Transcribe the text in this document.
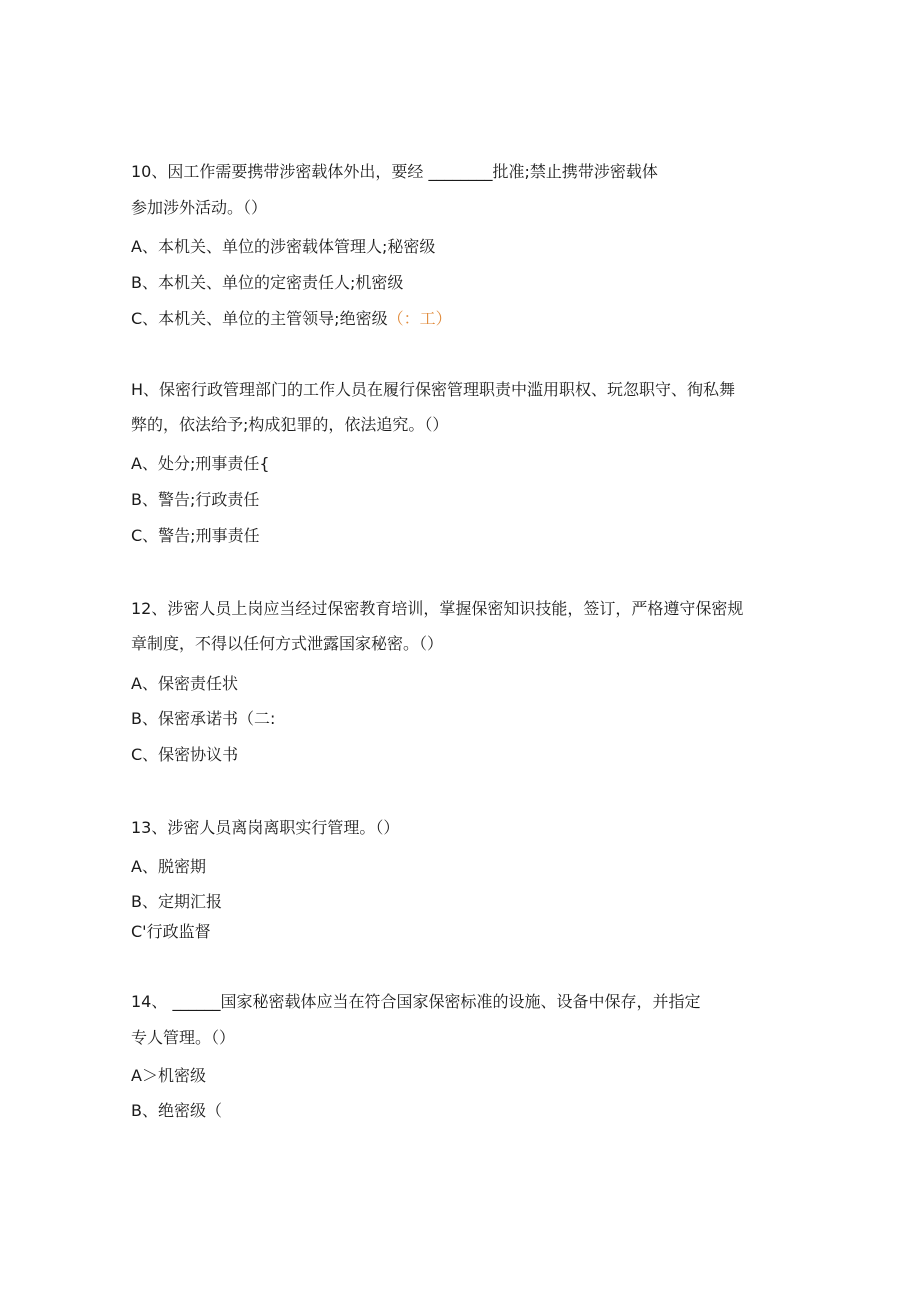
10、因工作需要携带涉密载体外出，要经 ________批准;禁止携带涉密载体
参加涉外活动。（）
A、本机关、单位的涉密载体管理人;秘密级
B、本机关、单位的定密责任人;机密级
C、本机关、单位的主管领导;绝密级（：工）
H、保密行政管理部门的工作人员在履行保密管理职责中滥用职权、玩忽职守、徇私舞
弊的，依法给予;构成犯罪的，依法追究。（）
A、处分;刑事责任{
B、警告;行政责任
C、警告;刑事责任
12、涉密人员上岗应当经过保密教育培训，掌握保密知识技能，签订，严格遵守保密规
章制度，不得以任何方式泄露国家秘密。（）
A、保密责任状
B、保密承诺书（二:
C、保密协议书
13、涉密人员离岗离职实行管理。（）
A、脱密期
B、定期汇报
C'行政监督
14、 ______国家秘密载体应当在符合国家保密标准的设施、设备中保存，并指定
专人管理。（）
A＞机密级
B、绝密级（
